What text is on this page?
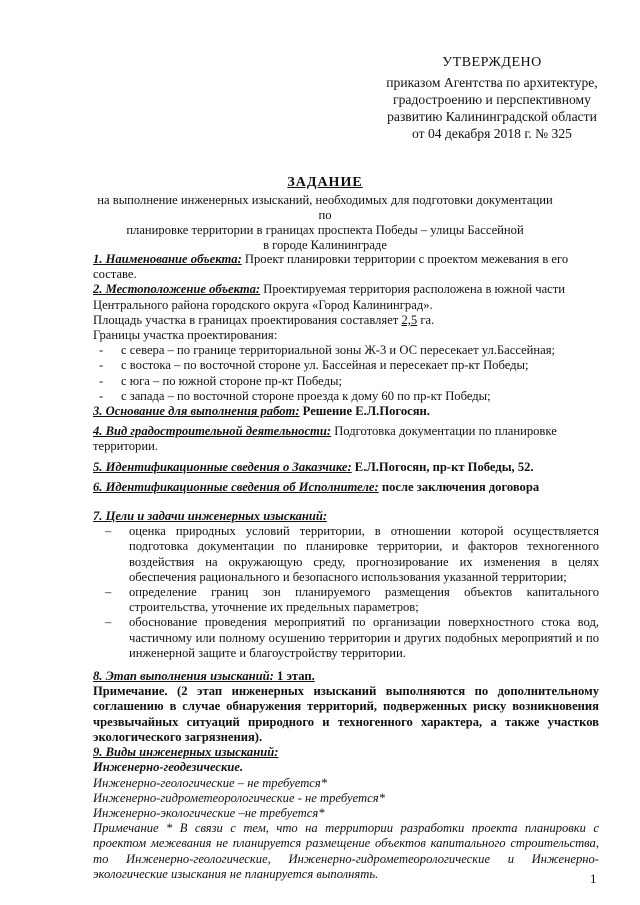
УТВЕРЖДЕНО
приказом Агентства по архитектуре,
градостроению и перспективному
развитию Калининградской области
от 04 декабря 2018 г. № 325
ЗАДАНИЕ
на выполнение инженерных изысканий, необходимых для подготовки документации по
планировке территории в границах проспекта Победы – улицы Бассейной
в городе Калининграде
1. Наименование объекта: Проект планировки территории с проектом межевания в его
составе.
2. Местоположение объекта: Проектируемая территория расположена в южной части
Центрального района городского округа «Город Калининград».
Площадь участка в границах проектирования составляет 2,5 га.
Границы участка проектирования:
- с севера – по границе территориальной зоны Ж-3 и ОС пересекает ул.Бассейная;
- с востока – по восточной стороне ул. Бассейная и пересекает пр-кт Победы;
- с юга – по южной стороне пр-кт Победы;
- с запада – по восточной стороне проезда к дому 60 по пр-кт Победы;
3. Основание для выполнения работ: Решение Е.Л.Погосян.
4. Вид градостроительной деятельности: Подготовка документации по планировке
территории.
5. Идентификационные сведения о Заказчике: Е.Л.Погосян, пр-кт Победы, 52.
6. Идентификационные сведения об Исполнителе: после заключения договора
7. Цели и задачи инженерных изысканий:
– оценка природных условий территории, в отношении которой осуществляется подготовка документации по планировке территории, и факторов техногенного воздействия на окружающую среду, прогнозирование их изменения в целях обеспечения рационального и безопасного использования указанной территории;
– определение границ зон планируемого размещения объектов капитального строительства, уточнение их предельных параметров;
– обоснование проведения мероприятий по организации поверхностного стока вод, частичному или полному осушению территории и других подобных мероприятий и по инженерной защите и благоустройству территории.
8. Этап выполнения изысканий: 1 этап.
Примечание. (2 этап инженерных изысканий выполняются по дополнительному соглашению в случае обнаружения территорий, подверженных риску возникновения чрезвычайных ситуаций природного и техногенного характера, а также участков экологического загрязнения).
9. Виды инженерных изысканий:
Инженерно-геодезические.
Инженерно-геологические – не требуется*
Инженерно-гидрометеорологические - не требуется*
Инженерно-экологические –не требуется*
Примечание * В связи с тем, что на территории разработки проекта планировки с проектом межевания не планируется размещение объектов капитального строительства, то Инженерно-геологические, Инженерно-гидрометеорологические и Инженерно-экологические изыскания не планируется выполнять.	1
